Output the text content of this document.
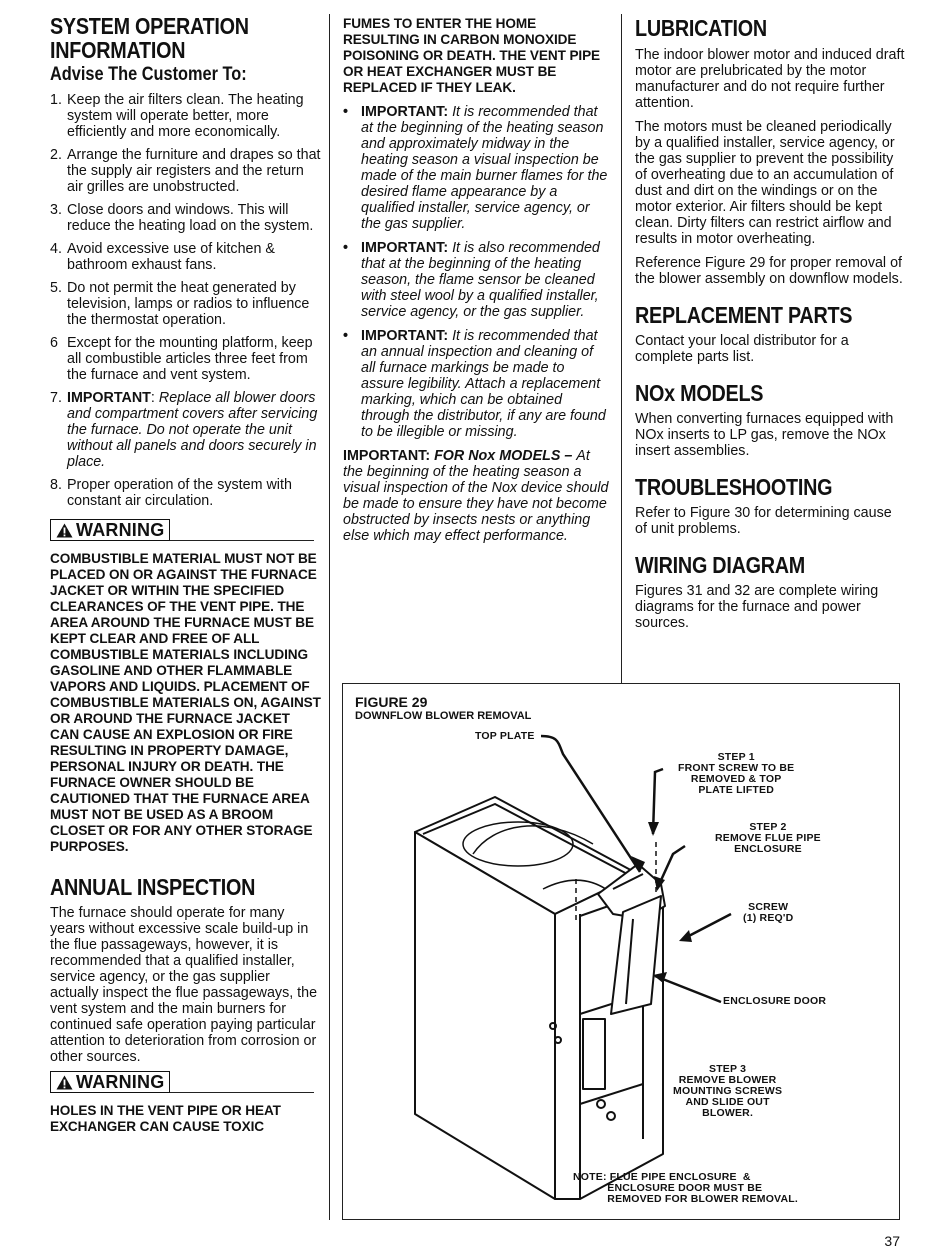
SYSTEM OPERATION
INFORMATION
Advise The Customer To:
1. Keep the air filters clean. The heating system will operate better, more efficiently and more economically.
2. Arrange the furniture and drapes so that the supply air registers and the return air grilles are unobstructed.
3. Close doors and windows. This will reduce the heating load on the system.
4. Avoid excessive use of kitchen & bathroom exhaust fans.
5. Do not permit the heat generated by television, lamps or radios to influence the thermostat operation.
6 Except for the mounting platform, keep all combustible articles three feet from the furnace and vent system.
7. IMPORTANT: Replace all blower doors and compartment covers after servicing the furnace. Do not operate the unit without all panels and doors securely in place.
8. Proper operation of the system with constant air circulation.
WARNING
COMBUSTIBLE MATERIAL MUST NOT BE PLACED ON OR AGAINST THE FURNACE JACKET OR WITHIN THE SPECIFIED CLEARANCES OF THE VENT PIPE. THE AREA AROUND THE FURNACE MUST BE KEPT CLEAR AND FREE OF ALL COMBUSTIBLE MATERIALS INCLUDING GASOLINE AND OTHER FLAMMABLE VAPORS AND LIQUIDS. PLACEMENT OF COMBUSTIBLE MATERIALS ON, AGAINST OR AROUND THE FURNACE JACKET CAN CAUSE AN EXPLOSION OR FIRE RESULTING IN PROPERTY DAMAGE, PERSONAL INJURY OR DEATH. THE FURNACE OWNER SHOULD BE CAUTIONED THAT THE FURNACE AREA MUST NOT BE USED AS A BROOM CLOSET OR FOR ANY OTHER STORAGE PURPOSES.
ANNUAL INSPECTION
The furnace should operate for many years without excessive scale build-up in the flue passageways, however, it is recommended that a qualified installer, service agency, or the gas supplier actually inspect the flue passageways, the vent system and the main burners for continued safe operation paying particular attention to deterioration from corrosion or other sources.
WARNING
HOLES IN THE VENT PIPE OR HEAT EXCHANGER CAN CAUSE TOXIC
FUMES TO ENTER THE HOME RESULTING IN CARBON MONOXIDE POISONING OR DEATH. THE VENT PIPE OR HEAT EXCHANGER MUST BE REPLACED IF THEY LEAK.
• IMPORTANT: It is recommended that at the beginning of the heating season and approximately midway in the heating season a visual inspection be made of the main burner flames for the desired flame appearance by a qualified installer, service agency, or the gas supplier.
• IMPORTANT: It is also recommended that at the beginning of the heating season, the flame sensor be cleaned with steel wool by a qualified installer, service agency, or the gas supplier.
• IMPORTANT: It is recommended that an annual inspection and cleaning of all furnace markings be made to assure legibility. Attach a replacement marking, which can be obtained through the distributor, if any are found to be illegible or missing.
IMPORTANT: FOR Nox MODELS – At the beginning of the heating season a visual inspection of the Nox device should be made to ensure they have not become obstructed by insects nests or anything else which may effect performance.
LUBRICATION
The indoor blower motor and induced draft motor are prelubricated by the motor manufacturer and do not require further attention.
The motors must be cleaned periodically by a qualified installer, service agency, or the gas supplier to prevent the possibility of overheating due to an accumulation of dust and dirt on the windings or on the motor exterior. Air filters should be kept clean. Dirty filters can restrict airflow and results in motor overheating.
Reference Figure 29 for proper removal of the blower assembly on downflow models.
REPLACEMENT PARTS
Contact your local distributor for a complete parts list.
NOx MODELS
When converting furnaces equipped with NOx inserts to LP gas, remove the NOx insert assemblies.
TROUBLESHOOTING
Refer to Figure 30 for determining cause of unit problems.
WIRING DIAGRAM
Figures 31 and 32 are complete wiring diagrams for the furnace and power sources.
FIGURE 29
DOWNFLOW BLOWER REMOVAL
TOP PLATE
STEP 1
FRONT SCREW TO BE
REMOVED & TOP
PLATE LIFTED
STEP 2
REMOVE FLUE PIPE
ENCLOSURE
SCREW
(1) REQ'D
ENCLOSURE DOOR
STEP 3
REMOVE BLOWER
MOUNTING SCREWS
AND SLIDE OUT
BLOWER.
NOTE: FLUE PIPE ENCLOSURE  &
ENCLOSURE DOOR MUST BE
REMOVED FOR BLOWER REMOVAL.
37
